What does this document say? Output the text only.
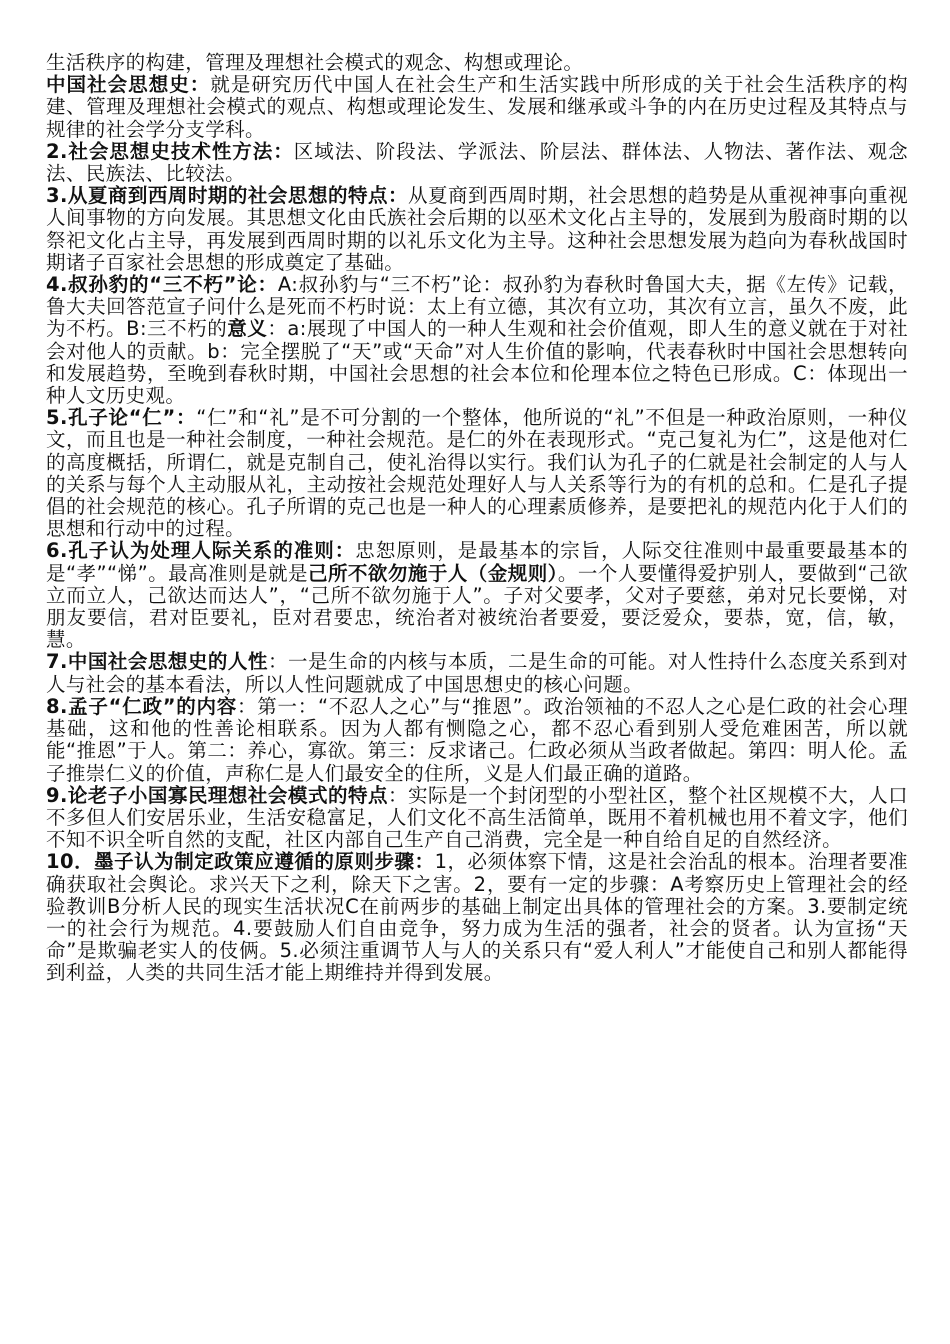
生活秩序的构建，管理及理想社会模式的观念、构想或理论。

中国社会思想史：就是研究历代中国人在社会生产和生活实践中所形成的关于社会生活秩序的构建、管理及理想社会模式的观点、构想或理论发生、发展和继承或斗争的内在历史过程及其特点与规律的社会学分支学科。

2.社会思想史技术性方法：区域法、阶段法、学派法、阶层法、群体法、人物法、著作法、观念法、民族法、比较法。

3.从夏商到西周时期的社会思想的特点：从夏商到西周时期，社会思想的趋势是从重视神事向重视人间事物的方向发展。其思想文化由氏族社会后期的以巫术文化占主导的，发展到为殷商时期的以祭祀文化占主导，再发展到西周时期的以礼乐文化为主导。这种社会思想发展为趋向为春秋战国时期诸子百家社会思想的形成奠定了基础。

4.叔孙豹的“三不朽”论：A:叔孙豹与“三不朽”论：叔孙豹为春秋时鲁国大夫，据《左传》记载，鲁大夫回答范宣子问什么是死而不朽时说：太上有立德，其次有立功，其次有立言，虽久不废，此为不朽。B:三不朽的意义：a:展现了中国人的一种人生观和社会价值观，即人生的意义就在于对社会对他人的贡献。b：完全摆脱了“天”或“天命”对人生价值的影响，代表春秋时中国社会思想转向和发展趋势，至晚到春秋时期，中国社会思想的社会本位和伦理本位之特色已形成。C：体现出一种人文历史观。

5.孔子论“仁”：“仁”和“礼”是不可分割的一个整体，他所说的“礼”不但是一种政治原则，一种仪文，而且也是一种社会制度，一种社会规范。是仁的外在表现形式。“克己复礼为仁”，这是他对仁的高度概括，所谓仁，就是克制自己，使礼治得以实行。我们认为孔子的仁就是社会制定的人与人的关系与每个人主动服从礼，主动按社会规范处理好人与人关系等行为的有机的总和。仁是孔子提倡的社会规范的核心。孔子所谓的克己也是一种人的心理素质修养，是要把礼的规范内化于人们的思想和行动中的过程。

6.孔子认为处理人际关系的准则：忠恕原则，是最基本的宗旨，人际交往准则中最重要最基本的是“孝”“悌”。最高准则是就是己所不欲勿施于人（金规则）。一个人要懂得爱护别人，要做到“己欲立而立人，己欲达而达人”，“己所不欲勿施于人”。子对父要孝，父对子要慈，弟对兄长要悌，对朋友要信，君对臣要礼，臣对君要忠，统治者对被统治者要爱，要泛爱众，要恭，宽，信，敏，慧。

7.中国社会思想史的人性：一是生命的内核与本质，二是生命的可能。对人性持什么态度关系到对人与社会的基本看法，所以人性问题就成了中国思想史的核心问题。

8.孟子“仁政”的内容：第一：“不忍人之心”与“推恩”。政治领袖的不忍人之心是仁政的社会心理基础，这和他的性善论相联系。因为人都有恻隐之心，都不忍心看到别人受危难困苦，所以就能“推恩”于人。第二：养心，寡欲。第三：反求诸己。仁政必须从当政者做起。第四：明人伦。孟子推崇仁义的价值，声称仁是人们最安全的住所，义是人们最正确的道路。

9.论老子小国寡民理想社会模式的特点：实际是一个封闭型的小型社区，整个社区规模不大，人口不多但人们安居乐业，生活安稳富足，人们文化不高生活简单，既用不着机械也用不着文字，他们不知不识全听自然的支配，社区内部自己生产自己消费，完全是一种自给自足的自然经济。

10．墨子认为制定政策应遵循的原则步骤：1，必须体察下情，这是社会治乱的根本。治理者要准确获取社会舆论。求兴天下之利，除天下之害。2，要有一定的步骤：A考察历史上管理社会的经验教训B分析人民的现实生活状况C在前两步的基础上制定出具体的管理社会的方案。3.要制定统一的社会行为规范。4.要鼓励人们自由竞争，努力成为生活的强者，社会的贤者。认为宣扬“天命”是欺骗老实人的伎俩。5.必须注重调节人与人的关系只有“爱人利人”才能使自己和别人都能得到利益，人类的共同生活才能上期维持并得到发展。
